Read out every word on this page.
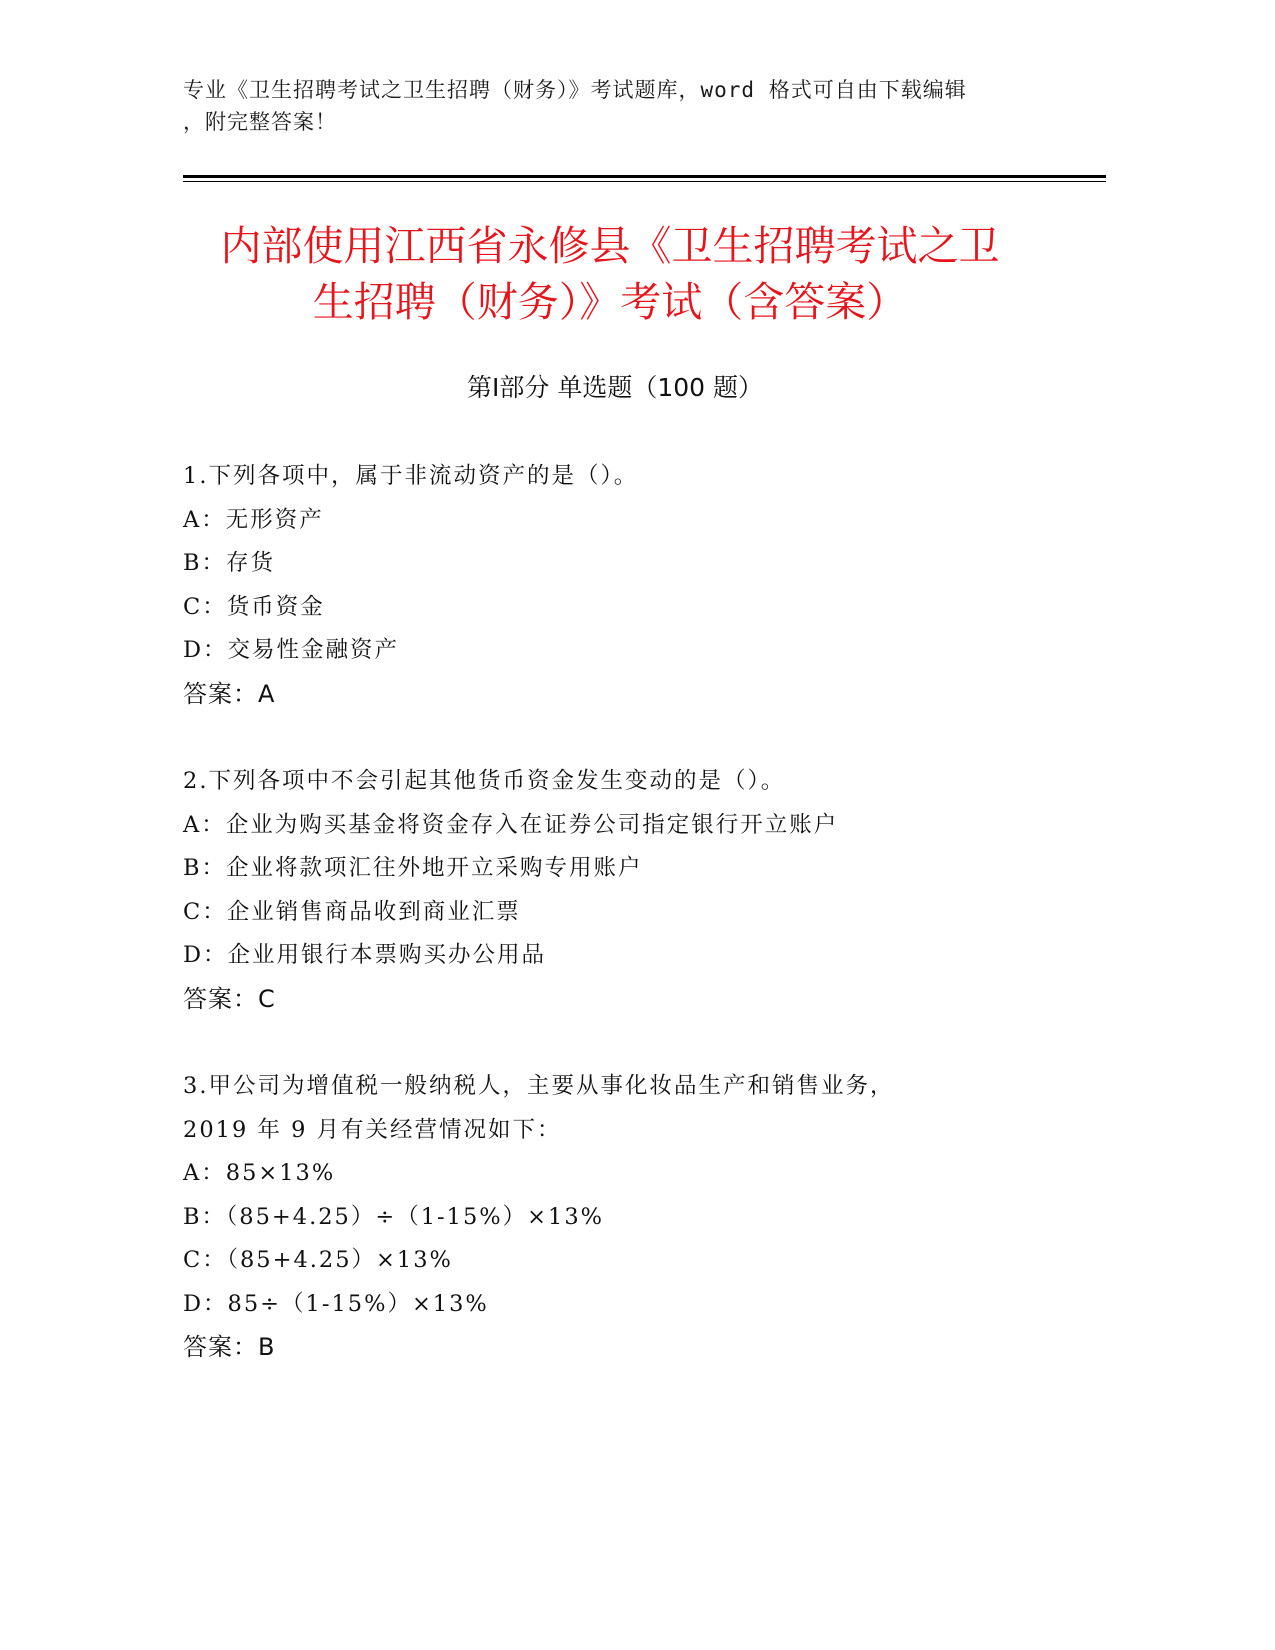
专业《卫生招聘考试之卫生招聘（财务）》考试题库，word 格式可自由下载编辑
，附完整答案！
内部使用江西省永修县《卫生招聘考试之卫
生招聘（财务）》考试（含答案）
第Ⅰ部分 单选题（100 题）
1.下列各项中，属于非流动资产的是（）。
A：无形资产
B：存货
C：货币资金
D：交易性金融资产
答案：A
2.下列各项中不会引起其他货币资金发生变动的是（）。
A：企业为购买基金将资金存入在证券公司指定银行开立账户
B：企业将款项汇往外地开立采购专用账户
C：企业销售商品收到商业汇票
D：企业用银行本票购买办公用品
答案：C
3.甲公司为增值税一般纳税人，主要从事化妆品生产和销售业务，
2019 年 9 月有关经营情况如下：
A：85×13%
B：（85+4.25）÷（1-15%）×13%
C：（85+4.25）×13%
D：85÷（1-15%）×13%
答案：B
